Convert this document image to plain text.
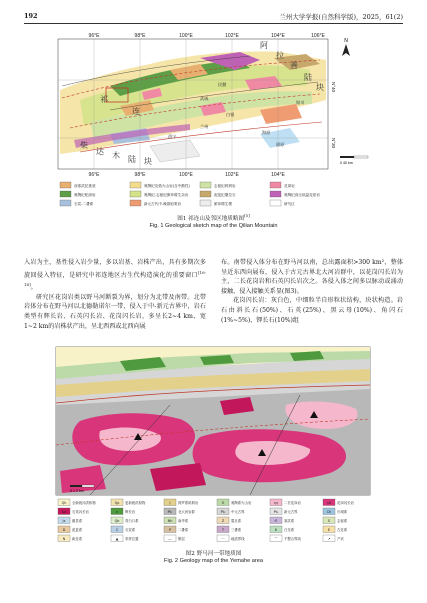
192	兰州大学学报(自然科学版)，2025，61(2)
96°E	98°E	100°E	102°E	104°E	106°E
96°E	98°E	100°E	102°E	104°E
N°40
N°30
阿
拉
善
陆
块
柴
达 木 陆 块
祁
连
兰州
白银
民勤
武威
西宁
海原
固原
银川
N
0 40 km
前寒武纪基底	奥陶纪岛弧火山岩(含中酸性)	志留纪碎屑岩	花岗岩
奥陶纪蛇绿岩	奥陶纪-志留纪俯冲增生杂岩	泥盆纪磨拉石	奥陶纪高压低温变质岩
石炭-二叠系	新元古代中-晚期岩浆岩	俯冲增生楔	研究区
图1 祁连山及邻区地质略图[5]
Fig. 1 Geological sketch map of the Qilian Mountain

入岩为主，基性侵入岩少量，多以岩基、岩株产出，具有多期次多旋回侵入特征，是研究中祁连地区古生代构造演化的重要窗口[16-18]。

研究区花岗岩类以野马河断裂为界，划分为北带及南带。北带岩体分布在野马河以北德勒诺尔一带，侵入于中-新元古界中，岩石类型有辉长岩、石英闪长岩、花岗闪长岩，多呈长2~4 km、宽1~2 km的岩株状产出，呈北西西或北西向展

布。南带侵入体分布在野马河以南，总出露面积>300 km²，整体呈近东西向展布，侵入于古元古界北大河岩群中，以花岗闪长岩为主，二长花岗岩和石英闪长岩次之。各侵入体之间多以脉动或涌动接触，侵入接触关系显(图3)。

花岗闪长岩：灰白色，中细粒半自形粒状结构，块状构造。岩石由斜长石(50%)、石英(25%)、黑云母(10%)、角闪石(1%~5%)、钾长石(10%)组

0 1 2 km
Qh 全新统冲洪积物	Qp 更新统洪积物	J 侏罗系碎屑岩	O 奥陶系火山岩	ηγ 二长花岗岩	γδ 花岗闪长岩
δο 石英闪长岩	ν 辉长岩	Pt₁ 北大河岩群	Pt₂ 中元古界	Pt₃ 新元古界	Ch 长城系
Jx 蓟县系	Qb 青白口系	Nh 南华系	Z 震旦系	∈ 寒武系	S 志留系
D 泥盆系	C 石炭系	P 二叠系	T 三叠系	K 白垩系	E 古近系
N 新近系	▲ 采样位置	— 断层	··· 地质界线	⌒ 不整合界线	↗ 产状
图2 野马河一带地质图
Fig. 2 Geology map of the Yemahe area
